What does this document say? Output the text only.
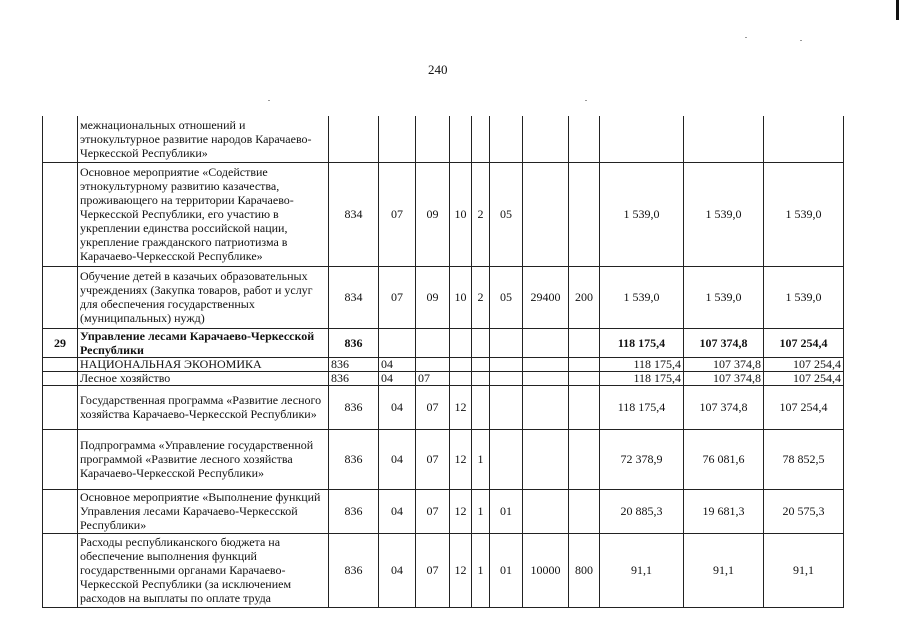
240
	межнациональных отношений и этнокультурное развитие народов Карачаево-Черкесской Республики»											
	Основное мероприятие «Содействие этнокультурному развитию казачества, проживающего на территории Карачаево-Черкесской Республики, его участию в укреплении единства российской нации, укрепление гражданского патриотизма в Карачаево-Черкесской Республике»	834	07	09	10	2	05			1 539,0	1 539,0	1 539,0
	Обучение детей в казачьих образовательных учреждениях (Закупка товаров, работ и услуг для обеспечения государственных (муниципальных) нужд)	834	07	09	10	2	05	29400	200	1 539,0	1 539,0	1 539,0
29	Управление лесами Карачаево-Черкесской Республики	836								118 175,4	107 374,8	107 254,4
	НАЦИОНАЛЬНАЯ ЭКОНОМИКА	836	04							118 175,4	107 374,8	107 254,4
	Лесное хозяйство	836	04	07						118 175,4	107 374,8	107 254,4
	Государственная программа «Развитие лесного хозяйства Карачаево-Черкесской Республики»	836	04	07	12					118 175,4	107 374,8	107 254,4
	Подпрограмма «Управление государственной программой «Развитие лесного хозяйства Карачаево-Черкесской Республики»	836	04	07	12	1				72 378,9	76 081,6	78 852,5
	Основное мероприятие «Выполнение функций Управления лесами Карачаево-Черкесской Республики»	836	04	07	12	1	01			20 885,3	19 681,3	20 575,3
	Расходы республиканского бюджета на обеспечение выполнения функций государственными органами Карачаево-Черкесской Республики (за исключением расходов на выплаты по оплате труда	836	04	07	12	1	01	10000	800	91,1	91,1	91,1
